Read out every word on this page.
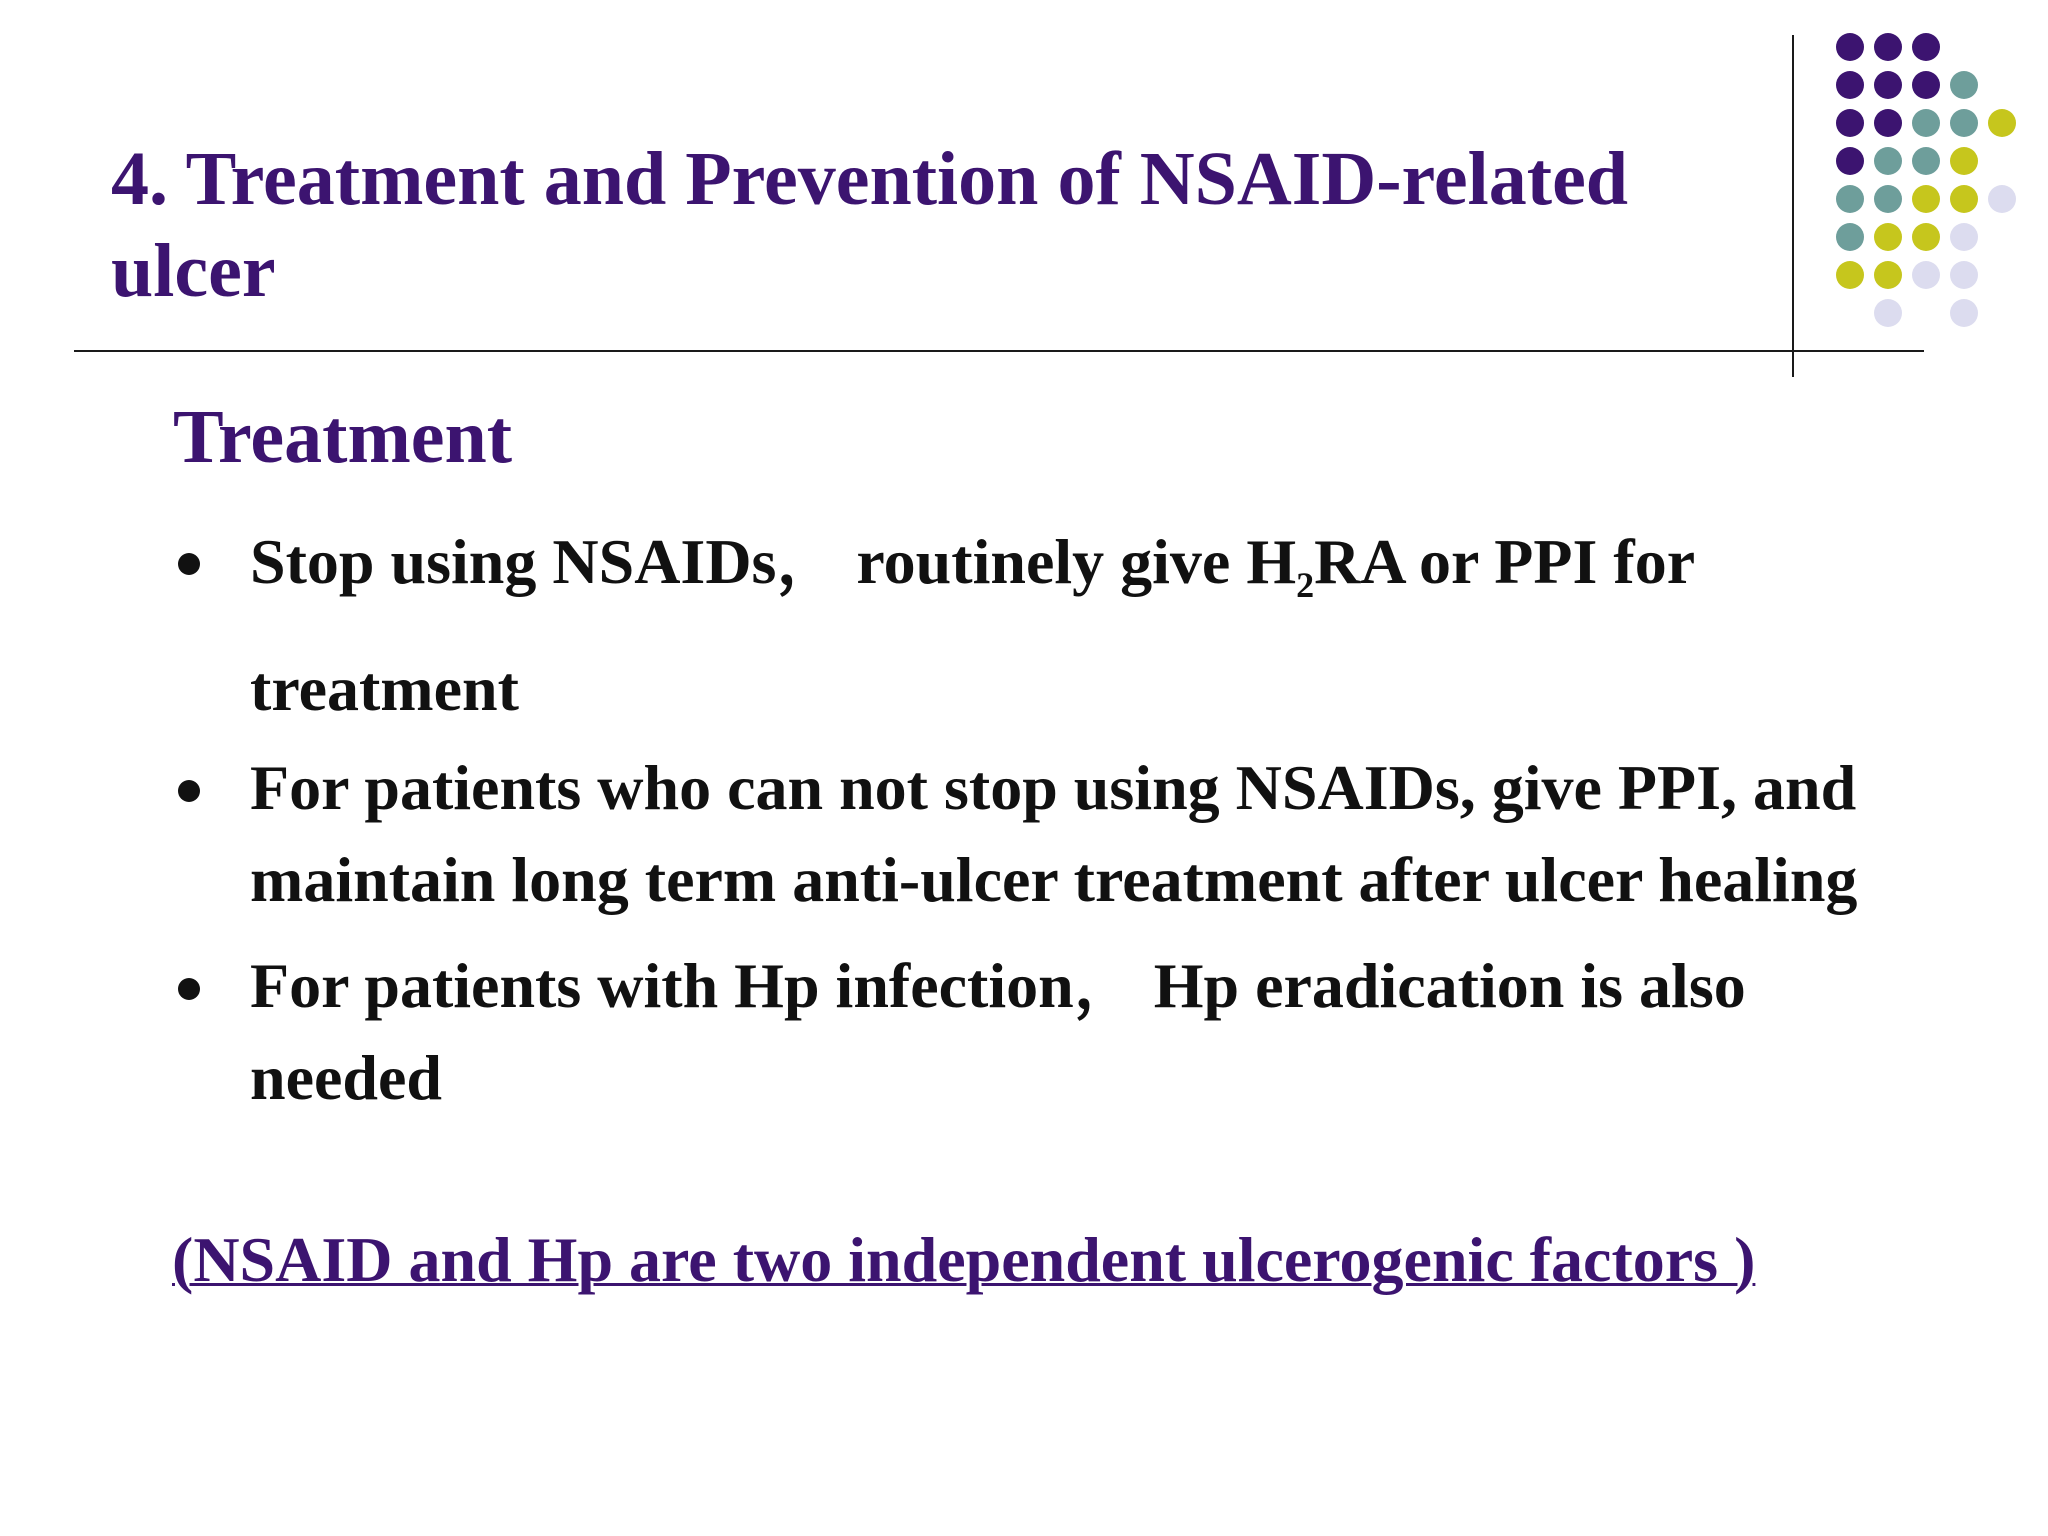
4. Treatment and Prevention of NSAID-related ulcer
Treatment
Stop using NSAIDs， routinely give $H_2RA$ or PPI for treatment
For patients who can not stop using NSAIDs, give PPI, and maintain long term anti-ulcer treatment after ulcer healing
For patients with Hp infection， Hp eradication is also needed

(NSAID and Hp are two independent ulcerogenic factors )
